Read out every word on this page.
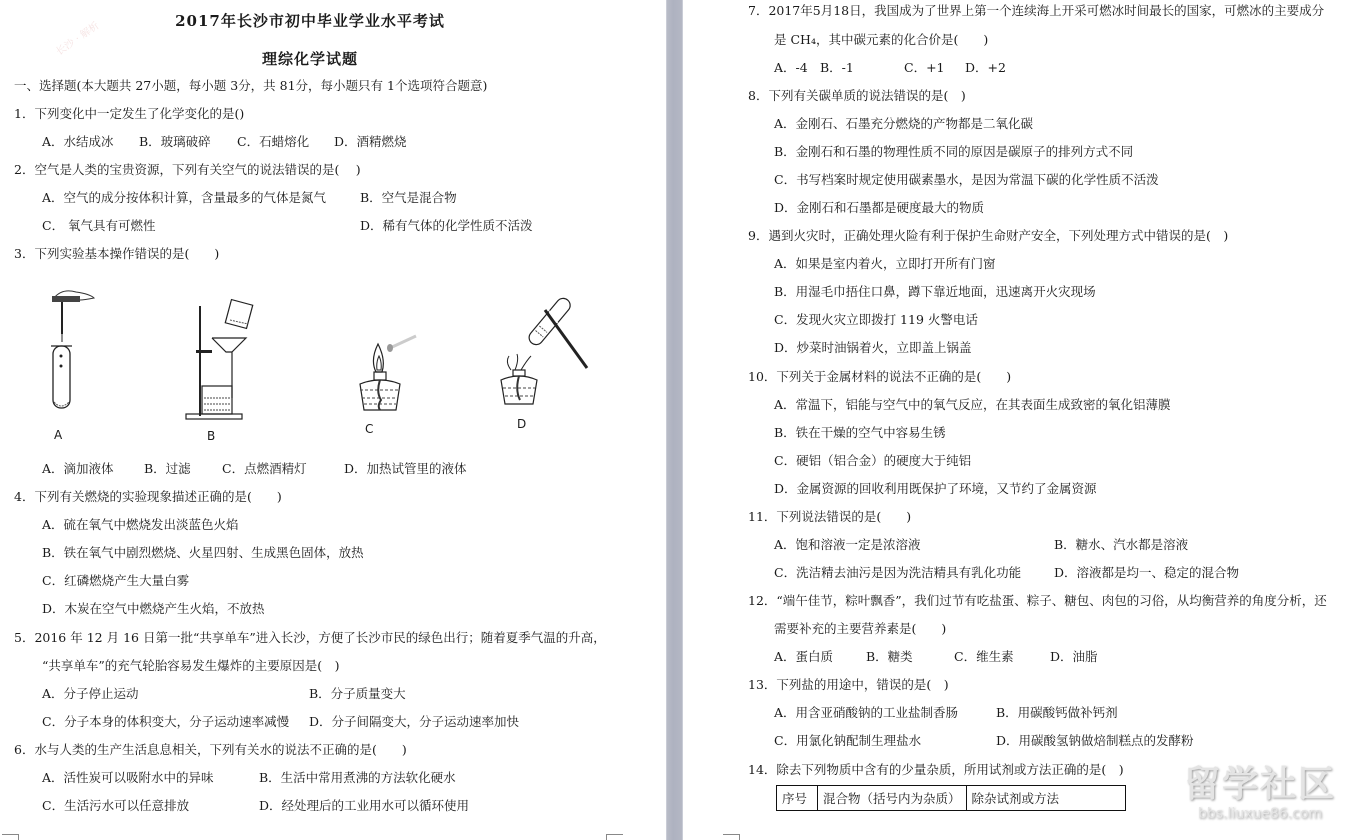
长沙 · 解析	2017年长沙市初中毕业学业水平考试
理综化学试题
一、选择题(本大题共 27小题，每小题 3分，共 81分，每小题只有 1个选项符合题意)
1．下列变化中一定发生了化学变化的是()
A．水结成冰 B．玻璃破碎 C．石蜡熔化 D．酒精燃烧
2．空气是人类的宝贵资源，下列有关空气的说法错误的是(　 )
A．空气的成分按体积计算，含量最多的气体是氮气	B．空气是混合物
C． 氧气具有可燃性	D．稀有气体的化学性质不活泼
3．下列实验基本操作错误的是(　　)
A	B	C	D
A．滴加液体 B．过滤	C．点燃酒精灯	D．加热试管里的液体
4．下列有关燃烧的实验现象描述正确的是(　　)
A．硫在氧气中燃烧发出淡蓝色火焰
B．铁在氧气中剧烈燃烧、火星四射、生成黑色固体，放热
C．红磷燃烧产生大量白雾
D．木炭在空气中燃烧产生火焰，不放热
5．2016 年 12 月 16 日第一批“共享单车”进入长沙，方便了长沙市民的绿色出行；随着夏季气温的升高，
“共享单车”的充气轮胎容易发生爆炸的主要原因是(　)
A．分子停止运动	B．分子质量变大
C．分子本身的体积变大，分子运动速率减慢 D．分子间隔变大，分子运动速率加快
6．水与人类的生产生活息息相关，下列有关水的说法不正确的是(　　)
A．活性炭可以吸附水中的异味	B．生活中常用煮沸的方法软化硬水
C．生活污水可以任意排放	D．经处理后的工业用水可以循环使用
7．2017年5月18日，我国成为了世界上第一个连续海上开采可燃冰时间最长的国家，可燃冰的主要成分
是 CH₄，其中碳元素的化合价是(　　)
A．-4 B．-1	C．+1 D．+2
8．下列有关碳单质的说法错误的是(　)
A．金刚石、石墨充分燃烧的产物都是二氧化碳
B．金刚石和石墨的物理性质不同的原因是碳原子的排列方式不同
C．书写档案时规定使用碳素墨水，是因为常温下碳的化学性质不活泼
D．金刚石和石墨都是硬度最大的物质
9．遇到火灾时，正确处理火险有利于保护生命财产安全，下列处理方式中错误的是(　)
A．如果是室内着火，立即打开所有门窗
B．用湿毛巾捂住口鼻，蹲下靠近地面，迅速离开火灾现场
C．发现火灾立即拨打 119 火警电话
D．炒菜时油锅着火，立即盖上锅盖
10．下列关于金属材料的说法不正确的是(　　)
A．常温下，铝能与空气中的氧气反应，在其表面生成致密的氧化铝薄膜
B．铁在干燥的空气中容易生锈
C．硬铝（铝合金）的硬度大于纯铝
D．金属资源的回收利用既保护了环境，又节约了金属资源
11．下列说法错误的是(　　)
A．饱和溶液一定是浓溶液	B．糖水、汽水都是溶液
C．洗洁精去油污是因为洗洁精具有乳化功能	D．溶液都是均一、稳定的混合物
12．“端午佳节，粽叶飘香”，我们过节有吃盐蛋、粽子、糖包、肉包的习俗，从均衡营养的角度分析，还
需要补充的主要营养素是(　　)
A．蛋白质	B．糖类	C．维生素	D．油脂
13．下列盐的用途中，错误的是(　)
A．用含亚硝酸钠的工业盐制香肠	B．用碳酸钙做补钙剂
C．用氯化钠配制生理盐水	D．用碳酸氢钠做焙制糕点的发酵粉
14．除去下列物质中含有的少量杂质，所用试剂或方法正确的是(　)
序号	混合物（括号内为杂质）	除杂试剂或方法	留学社区
bbs.liuxue86.com
